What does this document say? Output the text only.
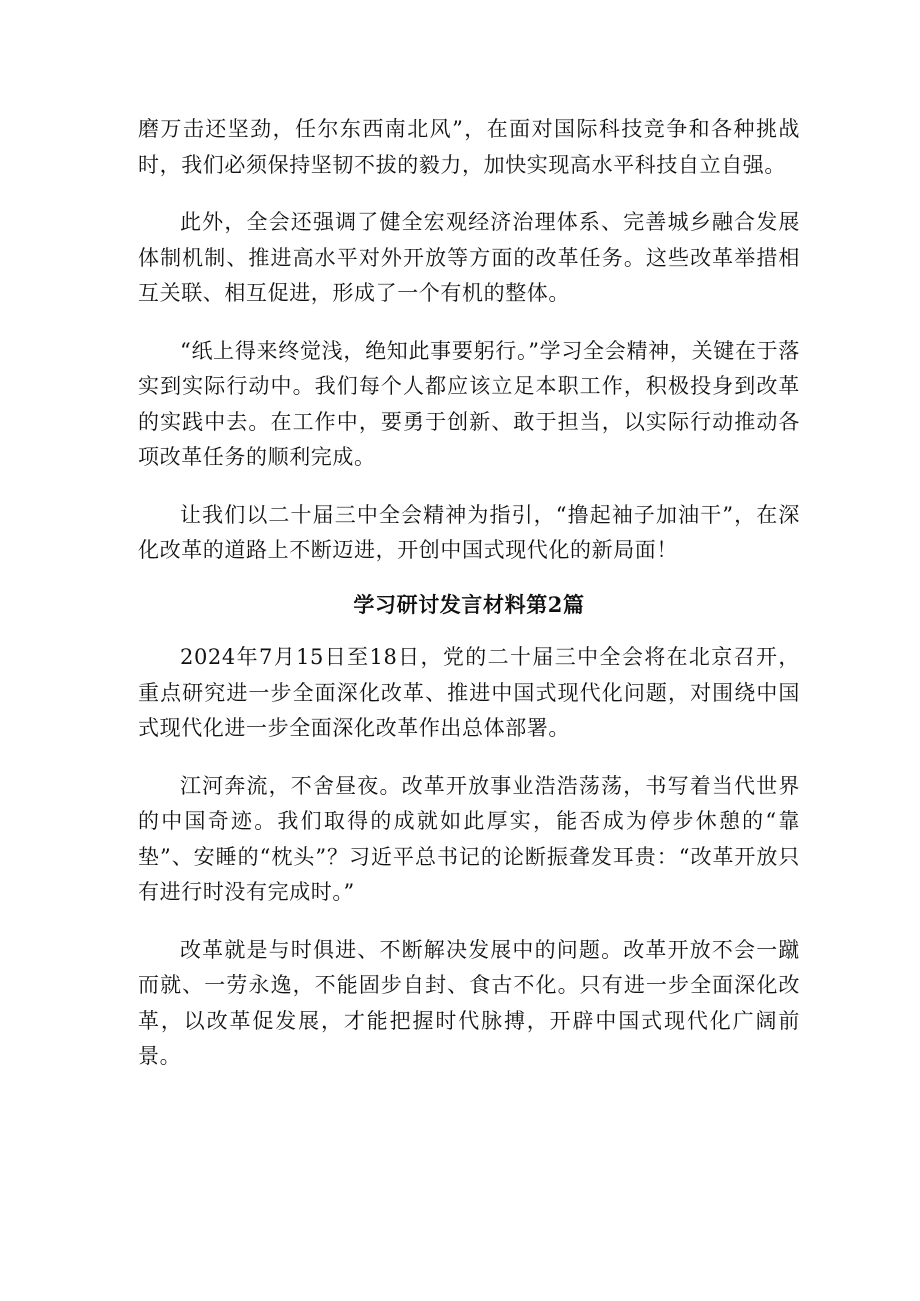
磨万击还坚劲，任尔东西南北风”，在面对国际科技竞争和各种挑战时，我们必须保持坚韧不拔的毅力，加快实现高水平科技自立自强。

此外，全会还强调了健全宏观经济治理体系、完善城乡融合发展体制机制、推进高水平对外开放等方面的改革任务。这些改革举措相互关联、相互促进，形成了一个有机的整体。

“纸上得来终觉浅，绝知此事要躬行。”学习全会精神，关键在于落实到实际行动中。我们每个人都应该立足本职工作，积极投身到改革的实践中去。在工作中，要勇于创新、敢于担当，以实际行动推动各项改革任务的顺利完成。

让我们以二十届三中全会精神为指引，“撸起袖子加油干”，在深化改革的道路上不断迈进，开创中国式现代化的新局面！

学习研讨发言材料第2篇

2024年7月15日至18日，党的二十届三中全会将在北京召开，重点研究进一步全面深化改革、推进中国式现代化问题，对围绕中国式现代化进一步全面深化改革作出总体部署。

江河奔流，不舍昼夜。改革开放事业浩浩荡荡，书写着当代世界的中国奇迹。我们取得的成就如此厚实，能否成为停步休憩的“靠垫”、安睡的“枕头”？习近平总书记的论断振聋发耳贵：“改革开放只有进行时没有完成时。”

改革就是与时俱进、不断解决发展中的问题。改革开放不会一蹴而就、一劳永逸，不能固步自封、食古不化。只有进一步全面深化改革，以改革促发展，才能把握时代脉搏，开辟中国式现代化广阔前景。
